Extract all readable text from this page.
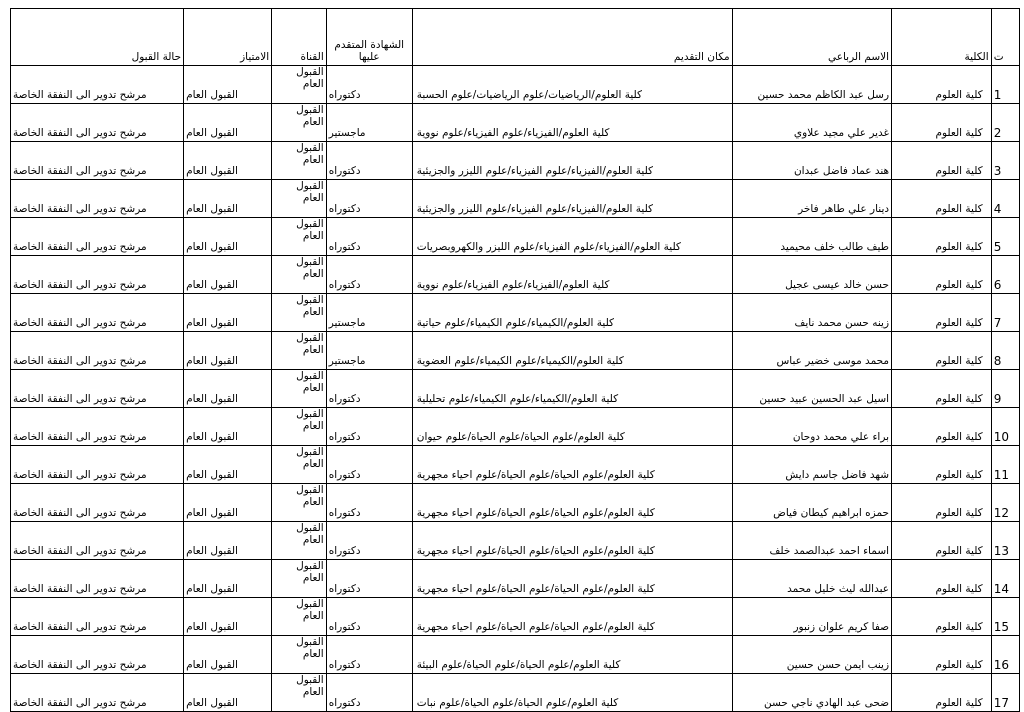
ت	الكلية	الاسم الرباعي	مكان التقديم	الشهادة المتقدم عليها	القناة	الامتياز	حالة القبول
1	كلية العلوم	رسل عبد الكاظم محمد حسين	كلية العلوم/الرياضيات/علوم الرياضيات/علوم الحسبة	دكتوراه	القبول العام	القبول العام	مرشح تدوير الى النفقة الخاصة
2	كلية العلوم	غدير علي مجيد علاوي	كلية العلوم/الفيزياء/علوم الفيزياء/علوم نووية	ماجستير	القبول العام	القبول العام	مرشح تدوير الى النفقة الخاصة
3	كلية العلوم	هند عماد فاضل عبدان	كلية العلوم/الفيزياء/علوم الفيزياء/علوم الليزر والجزيئية	دكتوراه	القبول العام	القبول العام	مرشح تدوير الى النفقة الخاصة
4	كلية العلوم	دينار علي طاهر فاخر	كلية العلوم/الفيزياء/علوم الفيزياء/علوم الليزر والجزيئية	دكتوراه	القبول العام	القبول العام	مرشح تدوير الى النفقة الخاصة
5	كلية العلوم	طيف طالب خلف محيميد	كلية العلوم/الفيزياء/علوم الفيزياء/علوم الليزر والكهروبصريات	دكتوراه	القبول العام	القبول العام	مرشح تدوير الى النفقة الخاصة
6	كلية العلوم	حسن خالد عيسى عجيل	كلية العلوم/الفيزياء/علوم الفيزياء/علوم نووية	دكتوراه	القبول العام	القبول العام	مرشح تدوير الى النفقة الخاصة
7	كلية العلوم	زينه حسن محمد نايف	كلية العلوم/الكيمياء/علوم الكيمياء/علوم حياتية	ماجستير	القبول العام	القبول العام	مرشح تدوير الى النفقة الخاصة
8	كلية العلوم	محمد موسى خضير عباس	كلية العلوم/الكيمياء/علوم الكيمياء/علوم العضوية	ماجستير	القبول العام	القبول العام	مرشح تدوير الى النفقة الخاصة
9	كلية العلوم	اسيل عبد الحسين عبيد حسين	كلية العلوم/الكيمياء/علوم الكيمياء/علوم تحليلية	دكتوراه	القبول العام	القبول العام	مرشح تدوير الى النفقة الخاصة
10	كلية العلوم	براء علي محمد دوحان	كلية العلوم/علوم الحياة/علوم الحياة/علوم حيوان	دكتوراه	القبول العام	القبول العام	مرشح تدوير الى النفقة الخاصة
11	كلية العلوم	شهد فاضل جاسم دايش	كلية العلوم/علوم الحياة/علوم الحياة/علوم احياء مجهرية	دكتوراه	القبول العام	القبول العام	مرشح تدوير الى النفقة الخاصة
12	كلية العلوم	حمزه ابراهيم كيطان فياض	كلية العلوم/علوم الحياة/علوم الحياة/علوم احياء مجهرية	دكتوراه	القبول العام	القبول العام	مرشح تدوير الى النفقة الخاصة
13	كلية العلوم	اسماء احمد عبدالصمد خلف	كلية العلوم/علوم الحياة/علوم الحياة/علوم احياء مجهرية	دكتوراه	القبول العام	القبول العام	مرشح تدوير الى النفقة الخاصة
14	كلية العلوم	عبدالله ليث خليل محمد	كلية العلوم/علوم الحياة/علوم الحياة/علوم احياء مجهرية	دكتوراه	القبول العام	القبول العام	مرشح تدوير الى النفقة الخاصة
15	كلية العلوم	صفا كريم علوان زنبور	كلية العلوم/علوم الحياة/علوم الحياة/علوم احياء مجهرية	دكتوراه	القبول العام	القبول العام	مرشح تدوير الى النفقة الخاصة
16	كلية العلوم	زينب ايمن حسن حسين	كلية العلوم/علوم الحياة/علوم الحياة/علوم البيئة	دكتوراه	القبول العام	القبول العام	مرشح تدوير الى النفقة الخاصة
17	كلية العلوم	ضحى عبد الهادي ناجي حسن	كلية العلوم/علوم الحياة/علوم الحياة/علوم نبات	دكتوراه	القبول العام	القبول العام	مرشح تدوير الى النفقة الخاصة
